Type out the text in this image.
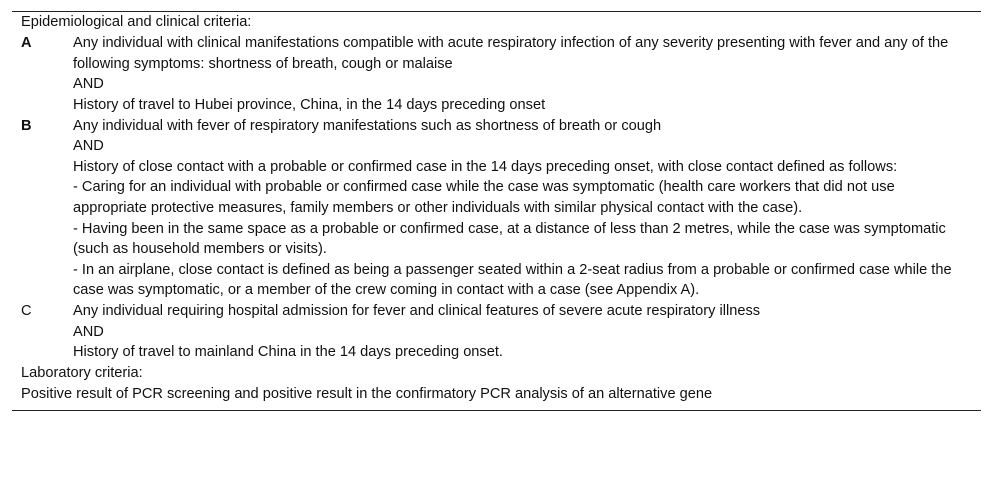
Epidemiological and clinical criteria:	
A	Any individual with clinical manifestations compatible with acute respiratory infection of any severity presenting with fever and any of the following symptoms: shortness of breath, cough or malaise
	AND
	History of travel to Hubei province, China, in the 14 days preceding onset
B	Any individual with fever of respiratory manifestations such as shortness of breath or cough
	AND
	History of close contact with a probable or confirmed case in the 14 days preceding onset, with close contact defined as follows:
	- Caring for an individual with probable or confirmed case while the case was symptomatic (health care workers that did not use appropriate protective measures, family members or other individuals with similar physical contact with the case).
	- Having been in the same space as a probable or confirmed case, at a distance of less than 2 metres, while the case was symptomatic (such as household members or visits).
	- In an airplane, close contact is defined as being a passenger seated within a 2-seat radius from a probable or confirmed case while the case was symptomatic, or a member of the crew coming in contact with a case (see Appendix A).
C	Any individual requiring hospital admission for fever and clinical features of severe acute respiratory illness
	AND
	History of travel to mainland China in the 14 days preceding onset.
Laboratory criteria:	
Positive result of PCR screening and positive result in the confirmatory PCR analysis of an alternative gene	
